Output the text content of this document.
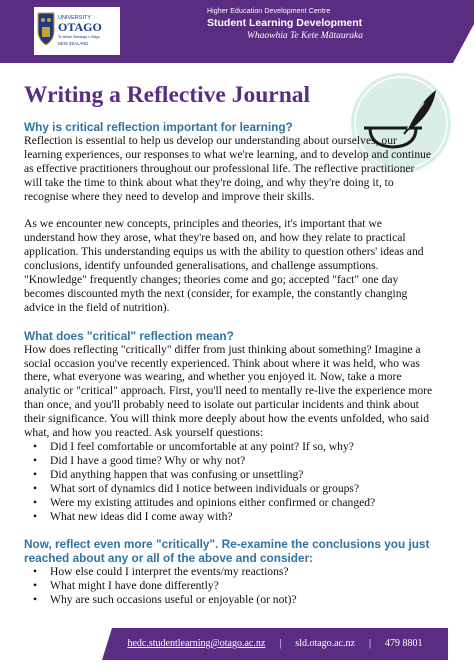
UNIVERSITY
OTAGO
Te Whare Wānanga o Otāgo
NEW ZEALAND
Higher Education Development Centre
Student Learning Development
Whaowhia Te Kete Mātauraka
Writing a Reflective Journal
Why is critical reflection important for learning?

Reflection is essential to help us develop our understanding about ourselves, our learning experiences, our responses to what we're learning, and to develop and continue as effective practitioners throughout our professional life. The reflective practitioner will take the time to think about what they're doing, and why they're doing it, to recognise where they need to develop and improve their skills.

As we encounter new concepts, principles and theories, it's important that we understand how they arose, what they're based on, and how they relate to practical application. This understanding equips us with the ability to question others' ideas and conclusions, identify unfounded generalisations, and challenge assumptions. "Knowledge" frequently changes; theories come and go; accepted "fact" one day becomes discounted myth the next (consider, for example, the constantly changing advice in the field of nutrition).

What does "critical" reflection mean?

How does reflecting "critically" differ from just thinking about something? Imagine a social occasion you've recently experienced. Think about where it was held, who was there, what everyone was wearing, and whether you enjoyed it. Now, take a more analytic or "critical" approach. First, you'll need to mentally re-live the experience more than once, and you'll probably need to isolate out particular incidents and think about their significance. You will think more deeply about how the events unfolded, who said what, and how you reacted. Ask yourself questions:

• Did I feel comfortable or uncomfortable at any point? If so, why?
• Did I have a good time? Why or why not?
• Did anything happen that was confusing or unsettling?
• What sort of dynamics did I notice between individuals or groups?
• Were my existing attitudes and opinions either confirmed or changed?
• What new ideas did I come away with?
Now, reflect even more "critically". Re-examine the conclusions you just reached about any or all of the above and consider:
• How else could I interpret the events/my reactions?
• What might I have done differently?
• Why are such occasions useful or enjoyable (or not)?
hedc.studentlearning@otago.ac.nz | sld.otago.ac.nz | 479 8801
